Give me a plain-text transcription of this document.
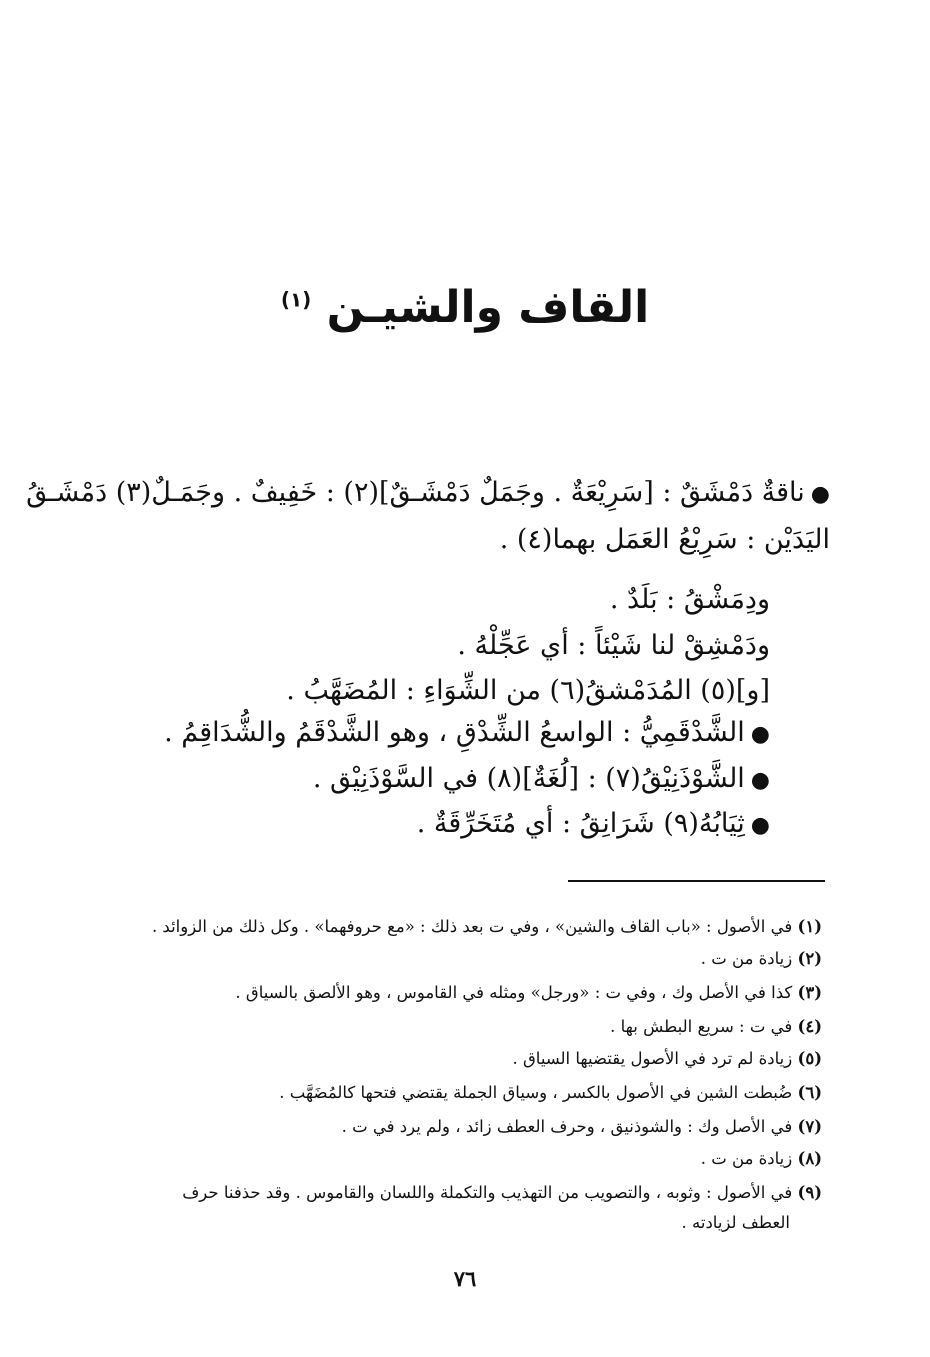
القاف والشيـن $^{(١)}$
●ناقةٌ دَمْشَقٌ : [سَرِيْعَةٌ . وجَمَلٌ دَمْشَـقٌ](٢) : خَفِيفٌ . وجَمَـلٌ(٣) دَمْشَـقُ
اليَدَيْن : سَرِيْعُ العَمَل بهما(٤) .
ودِمَشْقُ : بَلَدٌ .
ودَمْشِقْ لنا شَيْئاً : أي عَجِّلْهُ .
[و](٥) المُدَمْشقُ(٦) من الشِّوَاءِ : المُضَهَّبُ .
●الشَّدْقَمِيُّ : الواسعُ الشِّدْقِ ، وهو الشَّدْقَمُ والشُّدَاقِمُ .
●الشَّوْذَنِيْقُ(٧) : [لُغَةٌ](٨) في السَّوْذَنِيْق .
●ثِيَابُهُ(٩) شَرَانِقُ : أي مُتَخَرِّقَةٌ .
(١) في الأصول : «باب القاف والشين» ، وفي ت بعد ذلك : «مع حروفهما» . وكل ذلك من الزوائد .
(٢) زيادة من ت .
(٣) كذا في الأصل وك ، وفي ت : «ورجل» ومثله في القاموس ، وهو الألصق بالسياق .
(٤) في ت : سريع البطش بها .
(٥) زيادة لم ترد في الأصول يقتضيها السياق .
(٦) ضُبطت الشين في الأصول بالكسر ، وسياق الجملة يقتضي فتحها كالمُضَهَّب .
(٧) في الأصل وك : والشوذنيق ، وحرف العطف زائد ، ولم يرد في ت .
(٨) زيادة من ت .
(٩) في الأصول : وثوبه ، والتصويب من التهذيب والتكملة واللسان والقاموس . وقد حذفنا حرف
العطف لزيادته .
٧٦
